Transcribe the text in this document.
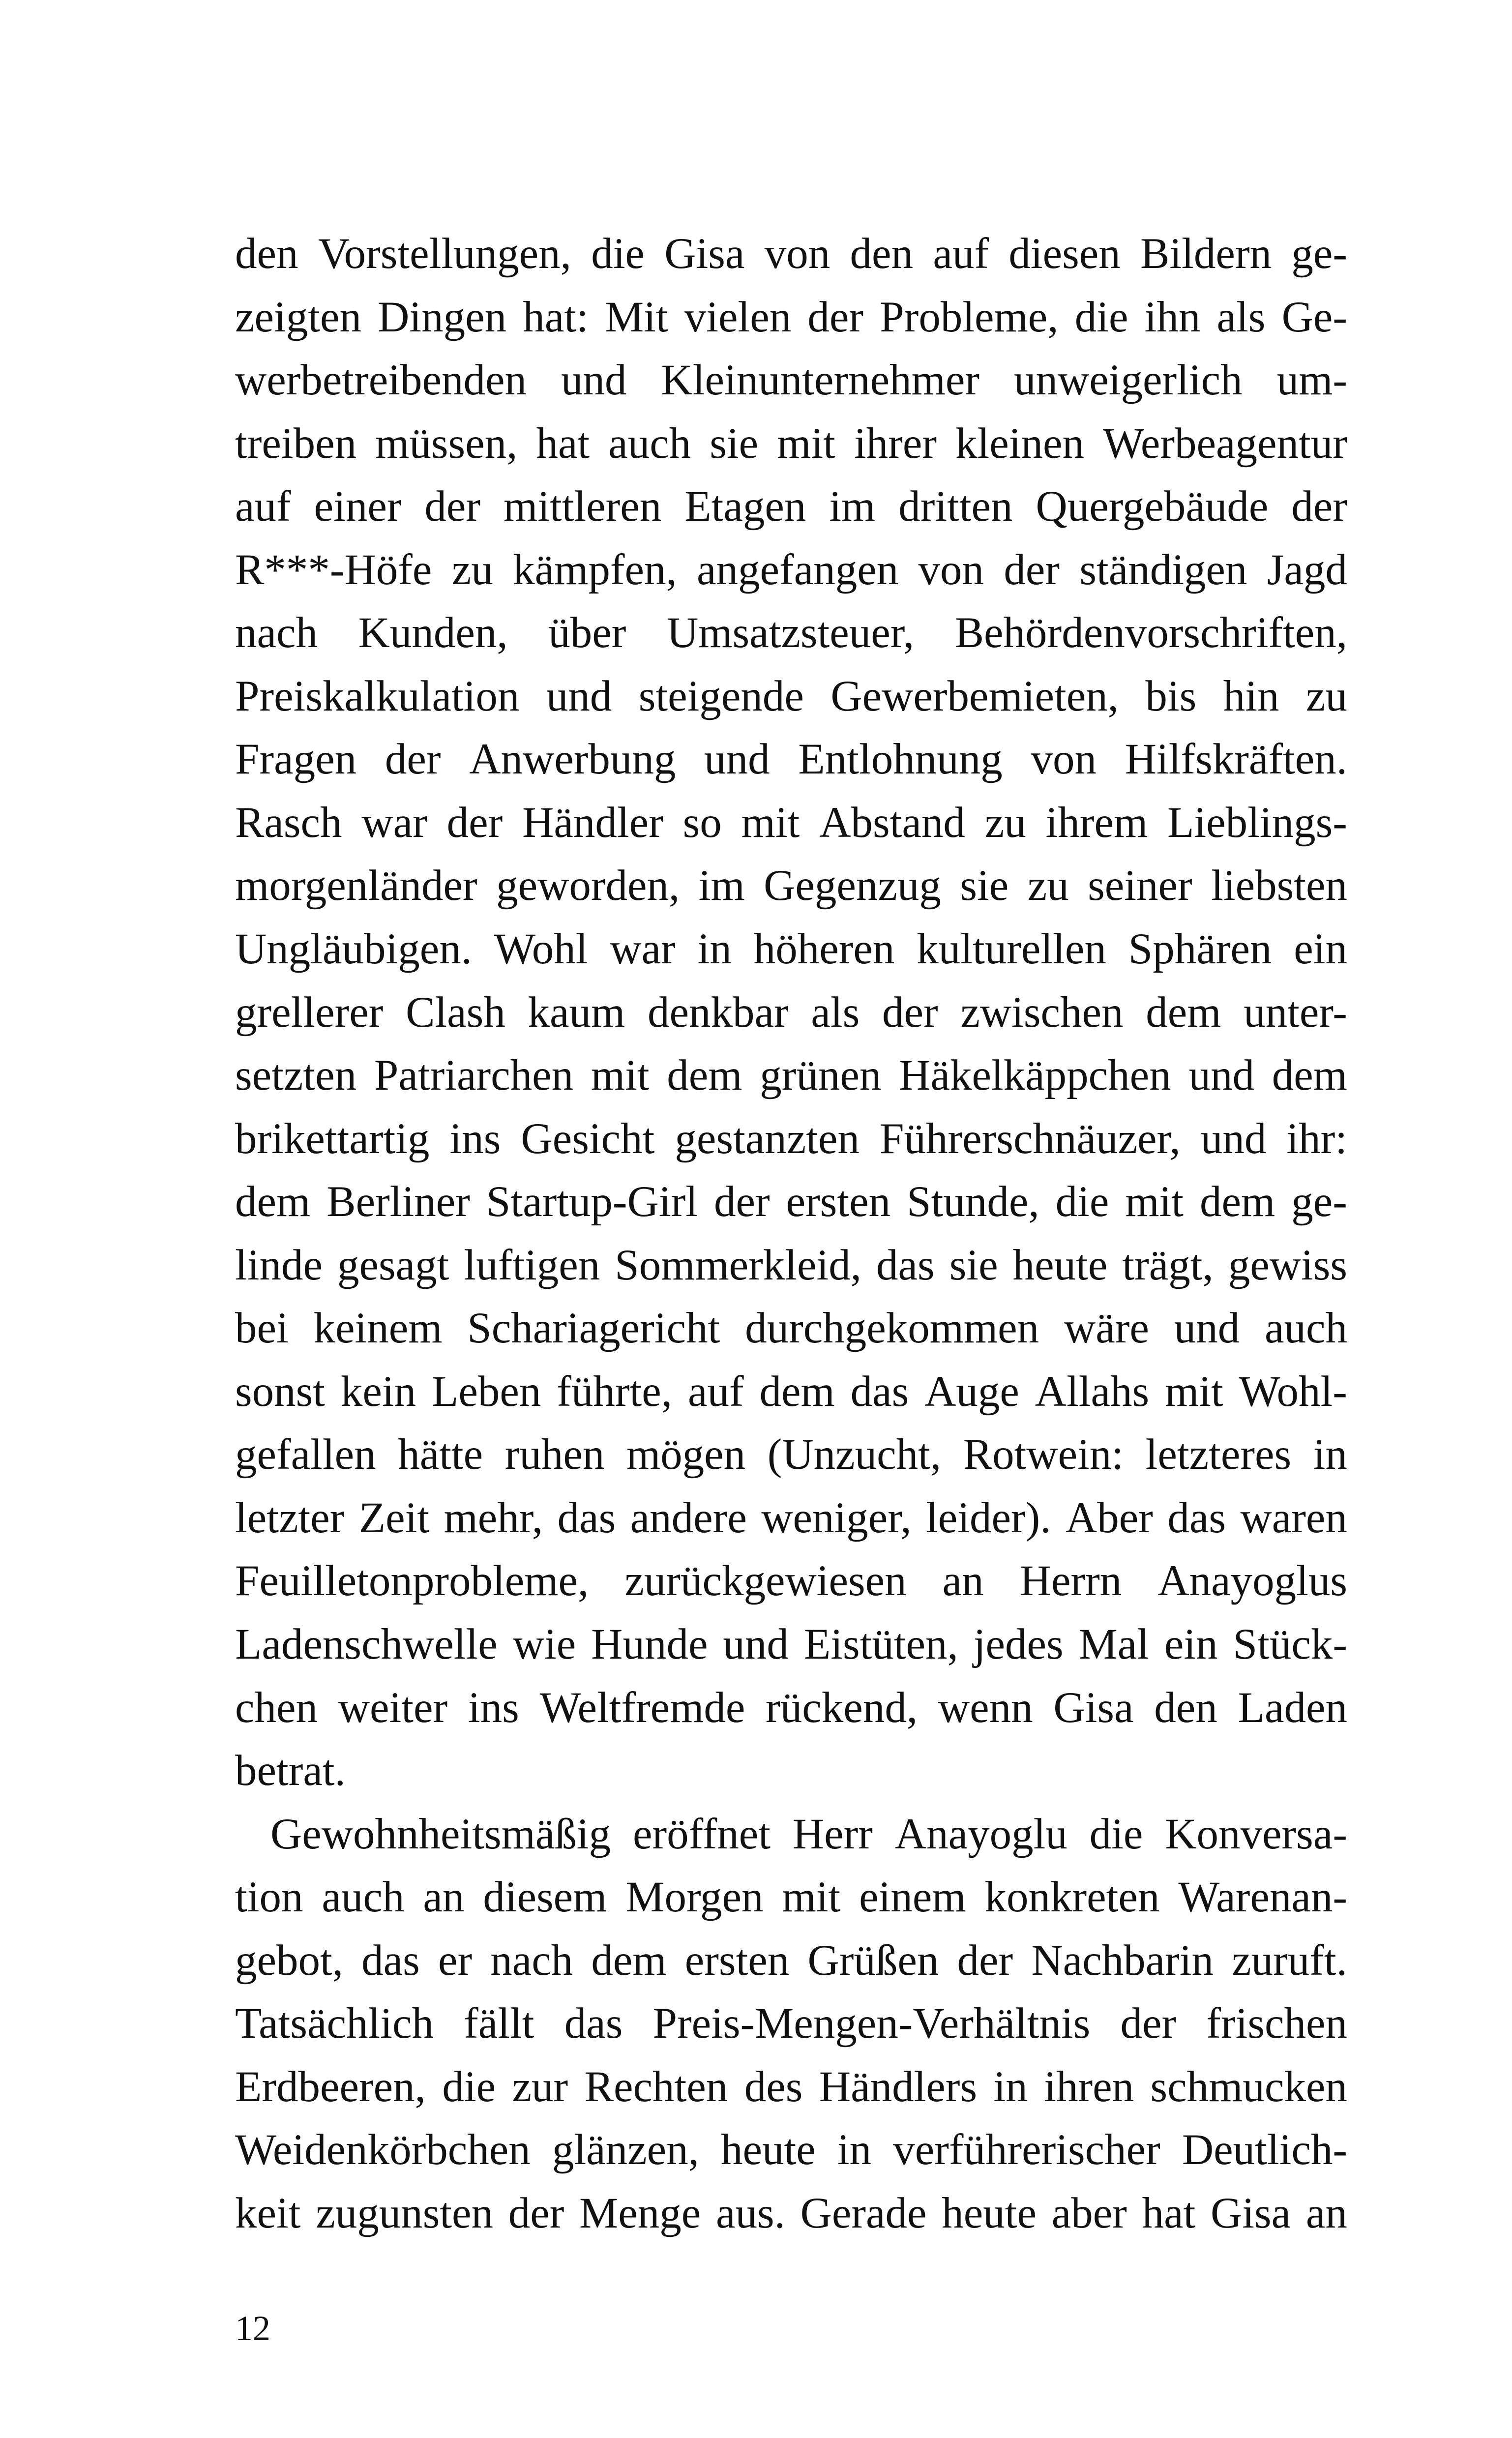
den Vorstellungen, die Gisa von den auf diesen Bildern ge-
zeigten Dingen hat: Mit vielen der Probleme, die ihn als Ge-
werbetreibenden und Kleinunternehmer unweigerlich um-
treiben müssen, hat auch sie mit ihrer kleinen Werbeagentur
auf einer der mittleren Etagen im dritten Quergebäude der
R***-Höfe zu kämpfen, angefangen von der ständigen Jagd
nach Kunden, über Umsatzsteuer, Behördenvorschriften,
Preiskalkulation und steigende Gewerbemieten, bis hin zu
Fragen der Anwerbung und Entlohnung von Hilfskräften.
Rasch war der Händler so mit Abstand zu ihrem Lieblings-
morgenländer geworden, im Gegenzug sie zu seiner liebsten
Ungläubigen. Wohl war in höheren kulturellen Sphären ein
grellerer Clash kaum denkbar als der zwischen dem unter-
setzten Patriarchen mit dem grünen Häkelkäppchen und dem
brikettartig ins Gesicht gestanzten Führerschnäuzer, und ihr:
dem Berliner Startup-Girl der ersten Stunde, die mit dem ge-
linde gesagt luftigen Sommerkleid, das sie heute trägt, gewiss
bei keinem Schariagericht durchgekommen wäre und auch
sonst kein Leben führte, auf dem das Auge Allahs mit Wohl-
gefallen hätte ruhen mögen (Unzucht, Rotwein: letzteres in
letzter Zeit mehr, das andere weniger, leider). Aber das waren
Feuilletonprobleme, zurückgewiesen an Herrn Anayoglus
Ladenschwelle wie Hunde und Eistüten, jedes Mal ein Stück-
chen weiter ins Weltfremde rückend, wenn Gisa den Laden
betrat.
Gewohnheitsmäßig eröffnet Herr Anayoglu die Konversa-
tion auch an diesem Morgen mit einem konkreten Warenan-
gebot, das er nach dem ersten Grüßen der Nachbarin zuruft.
Tatsächlich fällt das Preis-Mengen-Verhältnis der frischen
Erdbeeren, die zur Rechten des Händlers in ihren schmucken
Weidenkörbchen glänzen, heute in verführerischer Deutlich-
keit zugunsten der Menge aus. Gerade heute aber hat Gisa an
12
